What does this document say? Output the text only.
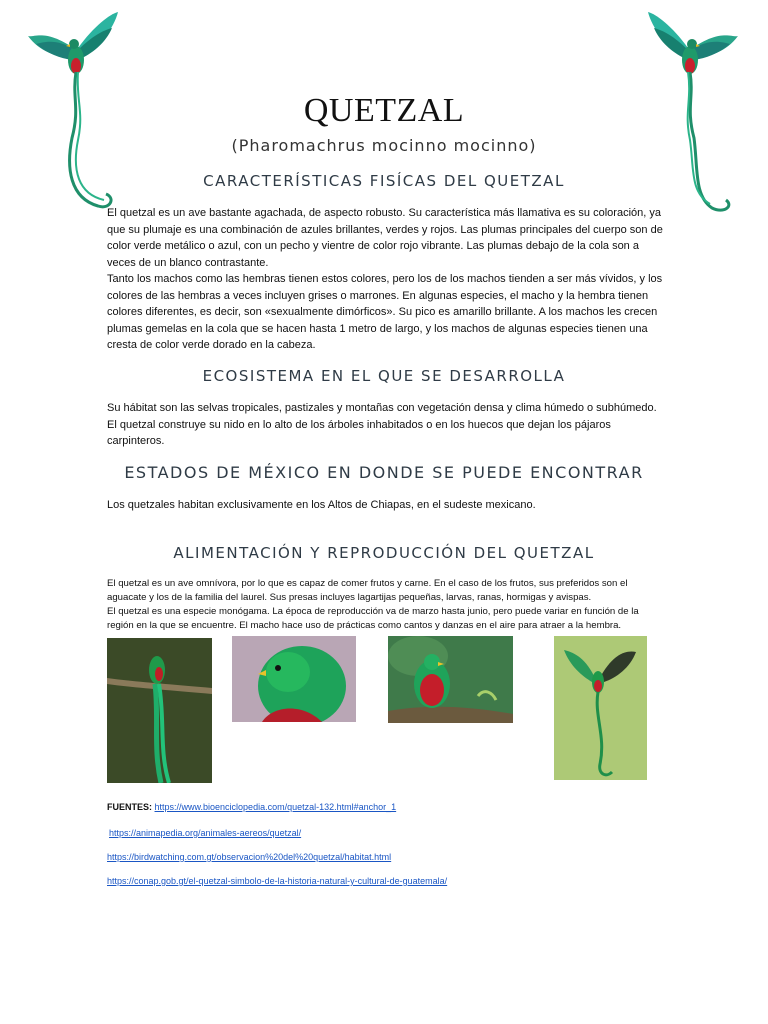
QUETZAL
(Pharomachrus mocinno mocinno)
CARACTERÍSTICAS FISÍCAS DEL QUETZAL

El quetzal es un ave bastante agachada, de aspecto robusto. Su característica más llamativa es su coloración, ya que su plumaje es una combinación de azules brillantes, verdes y rojos. Las plumas principales del cuerpo son de color verde metálico o azul, con un pecho y vientre de color rojo vibrante. Las plumas debajo de la cola son a veces de un blanco contrastante.

Tanto los machos como las hembras tienen estos colores, pero los de los machos tienden a ser más vívidos, y los colores de las hembras a veces incluyen grises o marrones. En algunas especies, el macho y la hembra tienen colores diferentes, es decir, son «sexualmente dimórficos». Su pico es amarillo brillante. A los machos les crecen plumas gemelas en la cola que se hacen hasta 1 metro de largo, y los machos de algunas especies tienen una cresta de color verde dorado en la cabeza.

ECOSISTEMA EN EL QUE SE DESARROLLA

Su hábitat son las selvas tropicales, pastizales y montañas con vegetación densa y clima húmedo o subhúmedo. El quetzal construye su nido en lo alto de los árboles inhabitados o en los huecos que dejan los pájaros carpinteros.

ESTADOS DE MÉXICO EN DONDE SE PUEDE ENCONTRAR

Los quetzales habitan exclusivamente en los Altos de Chiapas, en el sudeste mexicano.

ALIMENTACIÓN Y REPRODUCCIÓN DEL QUETZAL

El quetzal es un ave omnívora, por lo que es capaz de comer frutos y carne. En el caso de los frutos, sus preferidos son el aguacate y los de la familia del laurel. Sus presas incluyes lagartijas pequeñas, larvas, ranas, hormigas y avispas.

El quetzal es una especie monógama. La época de reproducción va de marzo hasta junio, pero puede variar en función de la región en la que se encuentre. El macho hace uso de prácticas como cantos y danzas en el aire para atraer a la hembra.

FUENTES: https://www.bioenciclopedia.com/quetzal-132.html#anchor_1
https://animapedia.org/animales-aereos/quetzal/
https://birdwatching.com.gt/observacion%20del%20quetzal/habitat.html
https://conap.gob.gt/el-quetzal-simbolo-de-la-historia-natural-y-cultural-de-guatemala/
